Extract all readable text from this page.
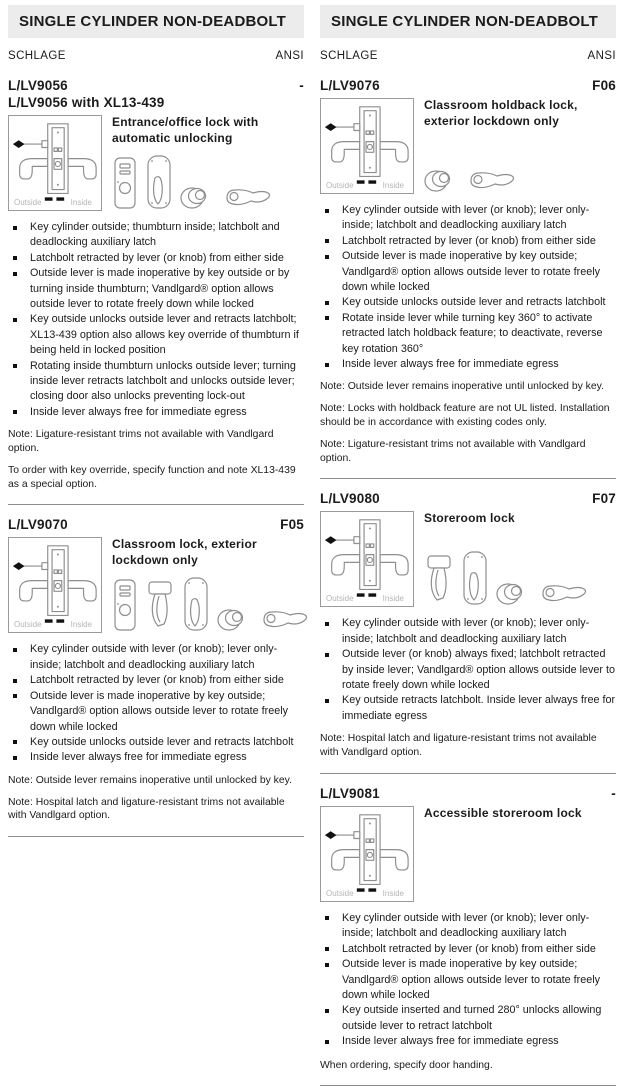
SINGLE CYLINDER NON-DEADBOLT
SCHLAGE	ANSI
L/LV9056	-
L/LV9056 with XL13-439
Outside	Inside
Entrance/office lock with automatic unlocking
Key cylinder outside; thumbturn inside; latchbolt and deadlocking auxiliary latch
Latchbolt retracted by lever (or knob) from either side
Outside lever is made inoperative by key outside or by turning inside thumbturn; Vandlgard® option allows outside lever to rotate freely down while locked
Key outside unlocks outside lever and retracts latchbolt; XL13-439 option also allows key override of thumbturn if being held in locked position
Rotating inside thumbturn unlocks outside lever; turning inside lever retracts latchbolt and unlocks outside lever; closing door also unlocks preventing lock-out
Inside lever always free for immediate egress

Note: Ligature-resistant trims not available with Vandlgard option.

To order with key override, specify function and note XL13-439 as a special option.

L/LV9070	F05
Outside	Inside
Classroom lock, exterior lockdown only
Key cylinder outside with lever (or knob); lever only-inside; latchbolt and deadlocking auxiliary latch
Latchbolt retracted by lever (or knob) from either side
Outside lever is made inoperative by key outside; Vandlgard® option allows outside lever to rotate freely down while locked
Key outside unlocks outside lever and retracts latchbolt
Inside lever always free for immediate egress

Note: Outside lever remains inoperative until unlocked by key.

Note: Hospital latch and ligature-resistant trims not available with Vandlgard option.

SINGLE CYLINDER NON-DEADBOLT
SCHLAGE	ANSI
L/LV9076	F06
Outside	Inside
Classroom holdback lock, exterior lockdown only
Key cylinder outside with lever (or knob); lever only-inside; latchbolt and deadlocking auxiliary latch
Latchbolt retracted by lever (or knob) from either side
Outside lever is made inoperative by key outside; Vandlgard® option allows outside lever to rotate freely down while locked
Key outside unlocks outside lever and retracts latchbolt
Rotate inside lever while turning key 360° to activate retracted latch holdback feature; to deactivate, reverse key rotation 360°
Inside lever always free for immediate egress

Note: Outside lever remains inoperative until unlocked by key.

Note: Locks with holdback feature are not UL listed. Installation should be in accordance with existing codes only.

Note: Ligature-resistant trims not available with Vandlgard option.

L/LV9080	F07
Outside	Inside
Storeroom lock
Key cylinder outside with lever (or knob); lever only-inside; latchbolt and deadlocking auxiliary latch
Outside lever (or knob) always fixed; latchbolt retracted by inside lever; Vandlgard® option allows outside lever to rotate freely down while locked
Key outside retracts latchbolt. Inside lever always free for immediate egress

Note: Hospital latch and ligature-resistant trims not available with Vandlgard option.

L/LV9081	-
Outside	Inside
Accessible storeroom lock
Key cylinder outside with lever (or knob); lever only-inside; latchbolt and deadlocking auxiliary latch
Latchbolt retracted by lever (or knob) from either side
Outside lever is made inoperative by key outside; Vandlgard® option allows outside lever to rotate freely down while locked
Key outside inserted and turned 280° unlocks allowing outside lever to retract latchbolt
Inside lever always free for immediate egress

When ordering, specify door handing.
